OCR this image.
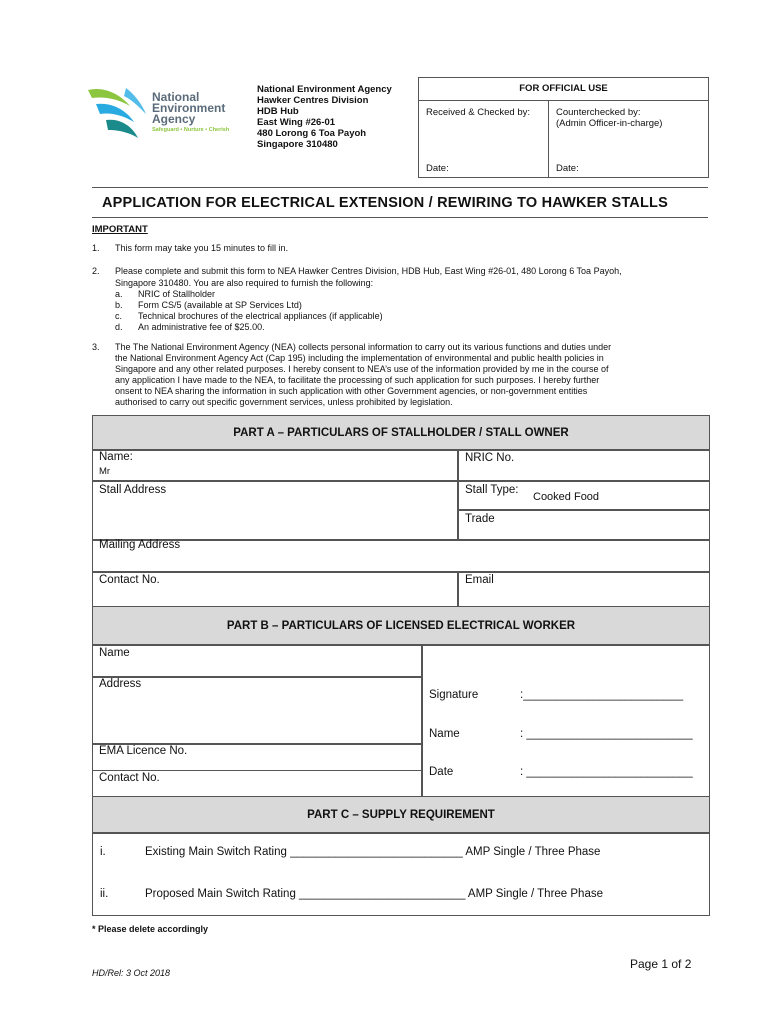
National
Environment
Agency
Safeguard • Nurture • Cherish
National Environment Agency
Hawker Centres Division
HDB Hub
East Wing #26-01
480 Lorong 6 Toa Payoh
Singapore 310480
FOR OFFICIAL USE
Received & Checked by:	Counterchecked by:
(Admin Officer-in-charge)
Date:	Date:
APPLICATION FOR ELECTRICAL EXTENSION / REWIRING TO HAWKER STALLS
IMPORTANT
1. This form may take you 15 minutes to fill in.
2. Please complete and submit this form to NEA Hawker Centres Division, HDB Hub, East Wing #26-01, 480 Lorong 6 Toa Payoh,
Singapore 310480. You are also required to furnish the following:
a. NRIC of Stallholder
b. Form CS/5 (available at SP Services Ltd)
c. Technical brochures of the electrical appliances (if applicable)
d. An administrative fee of $25.00.
3. The The National Environment Agency (NEA) collects personal information to carry out its various functions and duties under
the National Environment Agency Act (Cap 195) including the implementation of environmental and public health policies in
Singapore and any other related purposes. I hereby consent to NEA’s use of the information provided by me in the course of
any application I have made to the NEA, to facilitate the processing of such application for such purposes. I hereby further
onsent to NEA sharing the information in such application with other Government agencies, or non-government entities
authorised to carry out specific government services, unless prohibited by legislation.
PART A – PARTICULARS OF STALLHOLDER / STALL OWNER
Name:
Mr
NRIC No.
Stall Address	Stall Type:
Cooked Food
Trade
Mailing Address
Contact No.	Email
PART B – PARTICULARS OF LICENSED ELECTRICAL WORKER
Name
Address
EMA Licence No.
Contact No.
Signature	:_________________________
Name	: __________________________
Date	: __________________________
PART C – SUPPLY REQUIREMENT
i.	Existing Main Switch Rating ___________________________ AMP Single / Three Phase
ii.	Proposed Main Switch Rating __________________________ AMP Single / Three Phase
* Please delete accordingly
Page 1 of 2
HD/Rel: 3 Oct 2018
